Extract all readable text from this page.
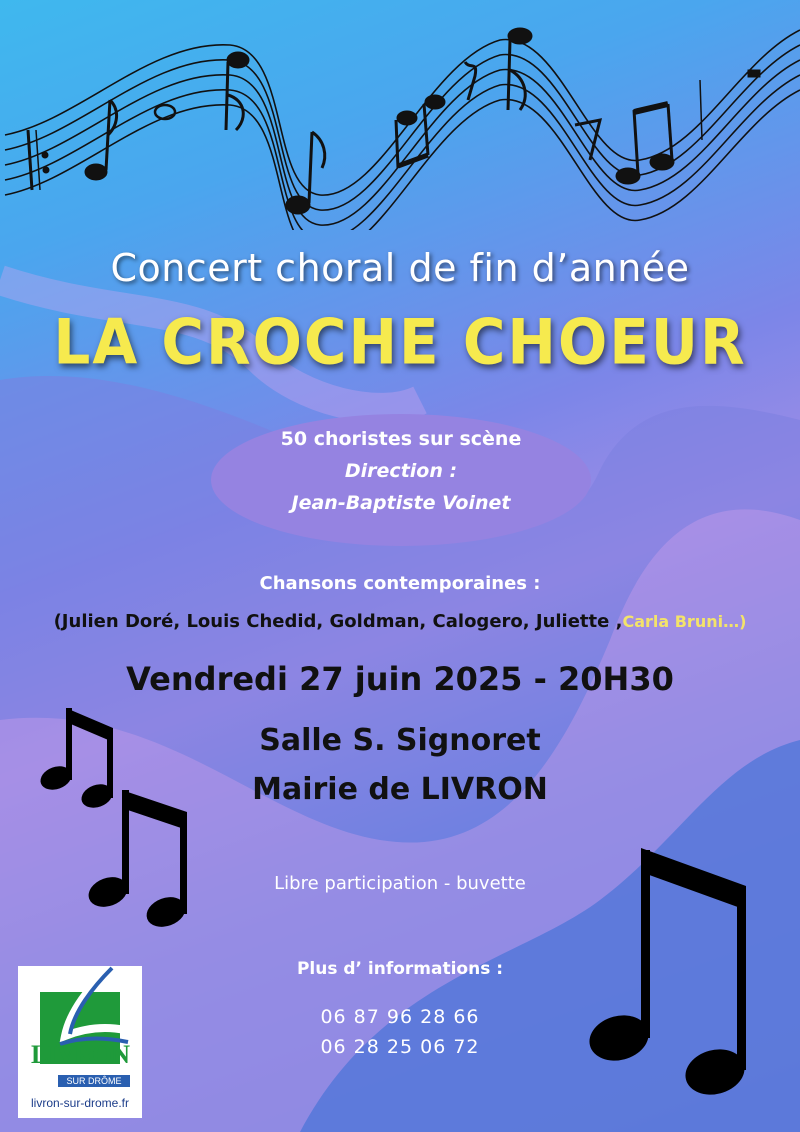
Concert choral de fin d’année
LA CROCHE CHOEUR
50 choristes sur scène
Direction :
Jean-Baptiste Voinet
Chansons contemporaines :
(Julien Doré, Louis Chedid, Goldman, Calogero, Juliette ,Carla Bruni…)
Vendredi 27 juin 2025 - 20H30
Salle S. Signoret
Mairie de LIVRON
Libre participation - buvette
Plus d’ informations :
06 87 96 28 66
06 28 25 06 72
LIVRON
SUR DRÔME
livron-sur-drome.fr
